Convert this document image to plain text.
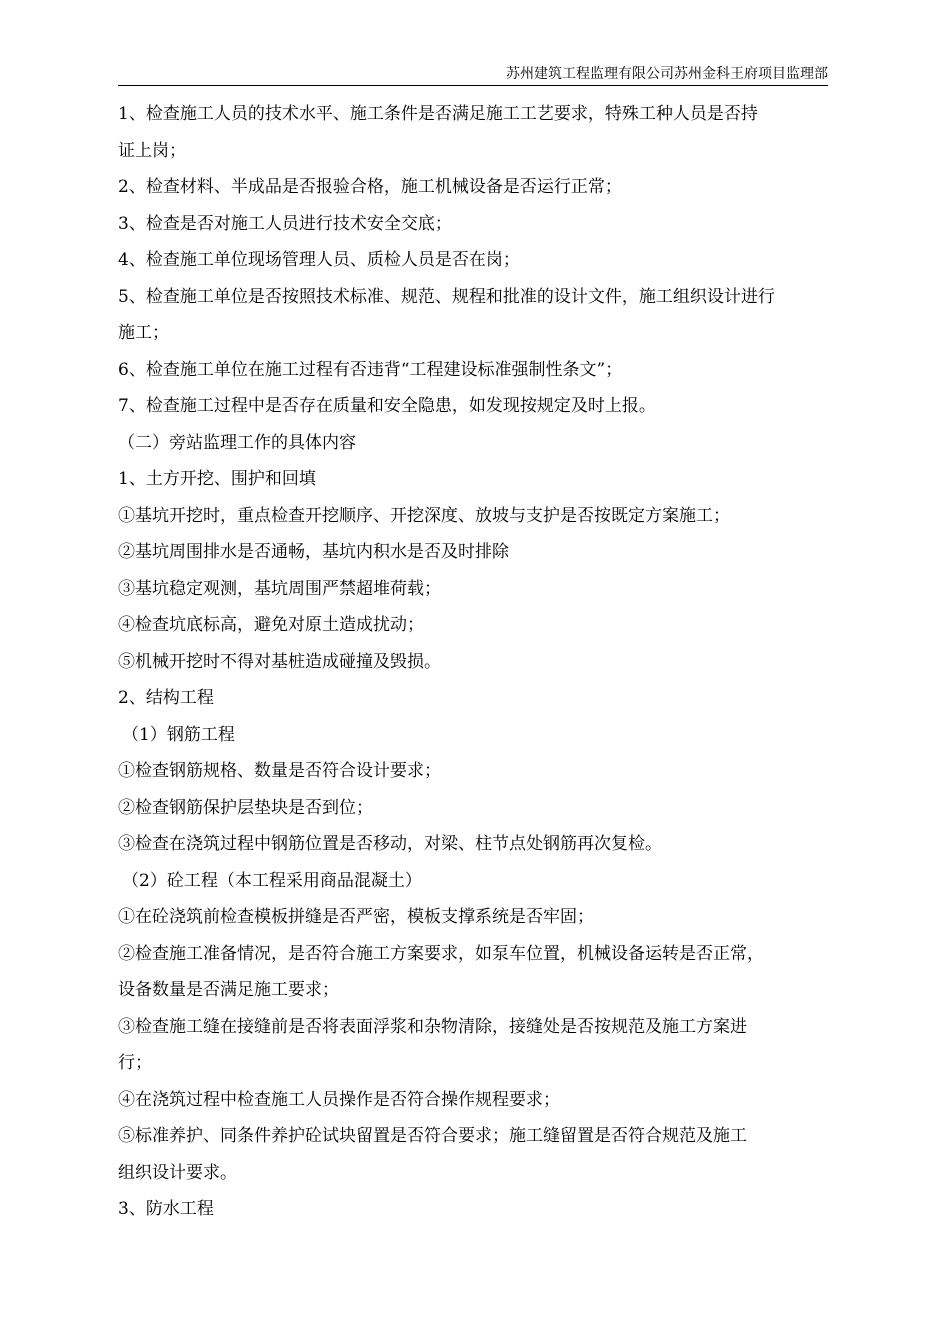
苏州建筑工程监理有限公司苏州金科王府项目监理部
1、检查施工人员的技术水平、施工条件是否满足施工工艺要求，特殊工种人员是否持
证上岗；
2、检查材料、半成品是否报验合格，施工机械设备是否运行正常；
3、检查是否对施工人员进行技术安全交底；
4、检查施工单位现场管理人员、质检人员是否在岗；
5、检查施工单位是否按照技术标准、规范、规程和批准的设计文件，施工组织设计进行
施工；
6、检查施工单位在施工过程有否违背“工程建设标准强制性条文”；
7、检查施工过程中是否存在质量和安全隐患，如发现按规定及时上报。
（二）旁站监理工作的具体内容
1、土方开挖、围护和回填
①基坑开挖时，重点检查开挖顺序、开挖深度、放坡与支护是否按既定方案施工；
②基坑周围排水是否通畅，基坑内积水是否及时排除
③基坑稳定观测，基坑周围严禁超堆荷载；
④检查坑底标高，避免对原土造成扰动；
⑤机械开挖时不得对基桩造成碰撞及毁损。
2、结构工程
（1）钢筋工程
①检查钢筋规格、数量是否符合设计要求；
②检查钢筋保护层垫块是否到位；
③检查在浇筑过程中钢筋位置是否移动，对梁、柱节点处钢筋再次复检。
（2）砼工程（本工程采用商品混凝土）
①在砼浇筑前检查模板拼缝是否严密，模板支撑系统是否牢固；
②检查施工准备情况，是否符合施工方案要求，如泵车位置，机械设备运转是否正常，
设备数量是否满足施工要求；
③检查施工缝在接缝前是否将表面浮浆和杂物清除，接缝处是否按规范及施工方案进
行；
④在浇筑过程中检查施工人员操作是否符合操作规程要求；
⑤标准养护、同条件养护砼试块留置是否符合要求；施工缝留置是否符合规范及施工
组织设计要求。
3、防水工程
